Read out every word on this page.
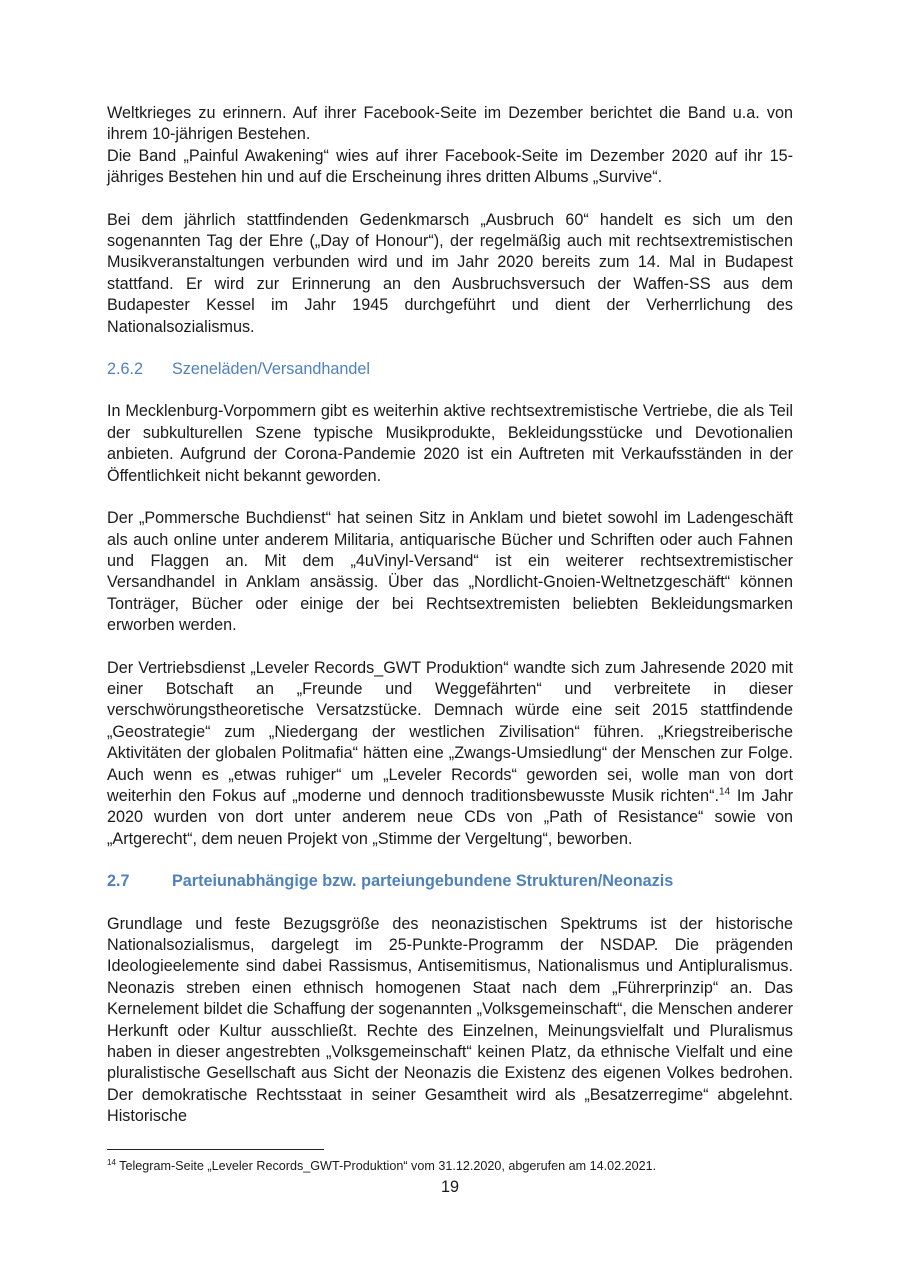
Weltkrieges zu erinnern. Auf ihrer Facebook-Seite im Dezember berichtet die Band u.a. von ihrem 10-jährigen Bestehen.

Die Band „Painful Awakening“ wies auf ihrer Facebook-Seite im Dezember 2020 auf ihr 15-jähriges Bestehen hin und auf die Erscheinung ihres dritten Albums „Survive“.

Bei dem jährlich stattfindenden Gedenkmarsch „Ausbruch 60“ handelt es sich um den sogenannten Tag der Ehre („Day of Honour“), der regelmäßig auch mit rechtsextremistischen Musikveranstaltungen verbunden wird und im Jahr 2020 bereits zum 14. Mal in Budapest stattfand. Er wird zur Erinnerung an den Ausbruchsversuch der Waffen-SS aus dem Budapester Kessel im Jahr 1945 durchgeführt und dient der Verherrlichung des Nationalsozialismus.

2.6.2	Szeneläden/Versandhandel

In Mecklenburg-Vorpommern gibt es weiterhin aktive rechtsextremistische Vertriebe, die als Teil der subkulturellen Szene typische Musikprodukte, Bekleidungsstücke und Devotionalien anbieten. Aufgrund der Corona-Pandemie 2020 ist ein Auftreten mit Verkaufsständen in der Öffentlichkeit nicht bekannt geworden.

Der „Pommersche Buchdienst“ hat seinen Sitz in Anklam und bietet sowohl im Ladengeschäft als auch online unter anderem Militaria, antiquarische Bücher und Schriften oder auch Fahnen und Flaggen an. Mit dem „4uVinyl-Versand“ ist ein weiterer rechtsextremistischer Versandhandel in Anklam ansässig. Über das „Nordlicht-Gnoien-Weltnetzgeschäft“ können Tonträger, Bücher oder einige der bei Rechtsextremisten beliebten Bekleidungsmarken erworben werden.

Der Vertriebsdienst „Leveler Records_GWT Produktion“ wandte sich zum Jahresende 2020 mit einer Botschaft an „Freunde und Weggefährten“ und verbreitete in dieser verschwörungstheoretische Versatzstücke. Demnach würde eine seit 2015 stattfindende „Geostrategie“ zum „Niedergang der westlichen Zivilisation“ führen. „Kriegstreiberische Aktivitäten der globalen Politmafia“ hätten eine „Zwangs-Umsiedlung“ der Menschen zur Folge. Auch wenn es „etwas ruhiger“ um „Leveler Records“ geworden sei, wolle man von dort weiterhin den Fokus auf „moderne und dennoch traditionsbewusste Musik richten“.$^{14}$ Im Jahr 2020 wurden von dort unter anderem neue CDs von „Path of Resistance“ sowie von „Artgerecht“, dem neuen Projekt von „Stimme der Vergeltung“, beworben.

2.7	Parteiunabhängige bzw. parteiungebundene Strukturen/Neonazis

Grundlage und feste Bezugsgröße des neonazistischen Spektrums ist der historische Nationalsozialismus, dargelegt im 25-Punkte-Programm der NSDAP. Die prägenden Ideologieelemente sind dabei Rassismus, Antisemitismus, Nationalismus und Antipluralismus. Neonazis streben einen ethnisch homogenen Staat nach dem „Führerprinzip“ an. Das Kernelement bildet die Schaffung der sogenannten „Volksgemeinschaft“, die Menschen anderer Herkunft oder Kultur ausschließt. Rechte des Einzelnen, Meinungsvielfalt und Pluralismus haben in dieser angestrebten „Volksgemeinschaft“ keinen Platz, da ethnische Vielfalt und eine pluralistische Gesellschaft aus Sicht der Neonazis die Existenz des eigenen Volkes bedrohen. Der demokratische Rechtsstaat in seiner Gesamtheit wird als „Besatzerregime“ abgelehnt. Historische

$^{14}$ Telegram-Seite „Leveler Records_GWT-Produktion“ vom 31.12.2020, abgerufen am 14.02.2021.
19
